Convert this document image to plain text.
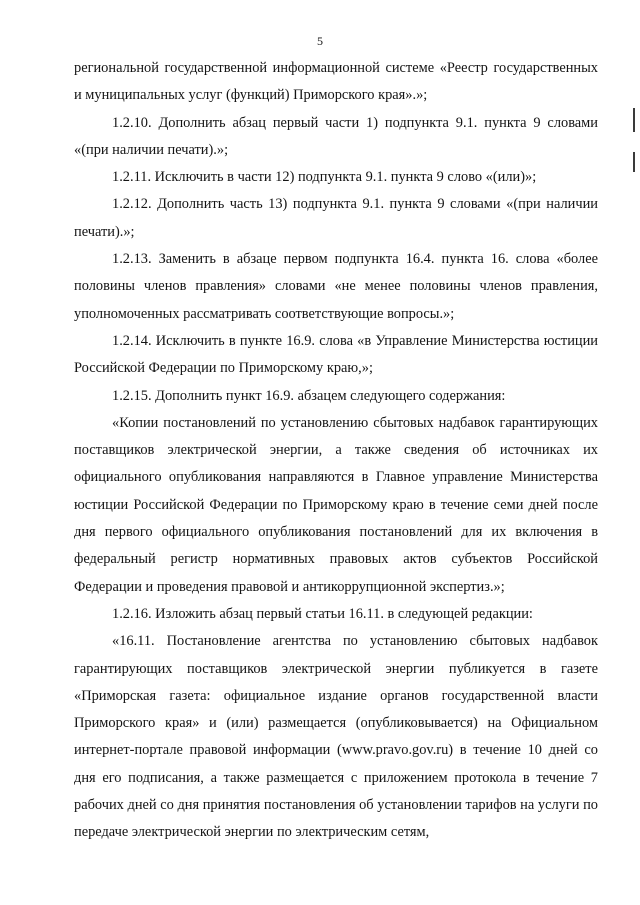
5

региональной государственной информационной системе «Реестр государственных и муниципальных услуг (функций) Приморского края».»;

1.2.10. Дополнить абзац первый части 1) подпункта 9.1. пункта 9 словами «(при наличии печати).»;

1.2.11. Исключить в части 12) подпункта 9.1. пункта 9 слово «(или)»;

1.2.12. Дополнить часть 13) подпункта 9.1. пункта 9 словами «(при наличии печати).»;

1.2.13. Заменить в абзаце первом подпункта 16.4. пункта 16. слова «более половины членов правления» словами «не менее половины членов правления, уполномоченных рассматривать соответствующие вопросы.»;

1.2.14. Исключить в пункте 16.9. слова «в Управление Министерства юстиции Российской Федерации по Приморскому краю,»;

1.2.15. Дополнить пункт 16.9. абзацем следующего содержания:

«Копии постановлений по установлению сбытовых надбавок гарантирующих поставщиков электрической энергии, а также сведения об источниках их официального опубликования направляются в Главное управление Министерства юстиции Российской Федерации по Приморскому краю в течение семи дней после дня первого официального опубликования постановлений для их включения в федеральный регистр нормативных правовых актов субъектов Российской Федерации и проведения правовой и антикоррупционной экспертиз.»;

1.2.16. Изложить абзац первый статьи 16.11. в следующей редакции:

«16.11. Постановление агентства по установлению сбытовых надбавок гарантирующих поставщиков электрической энергии публикуется в газете «Приморская газета: официальное издание органов государственной власти Приморского края» и (или) размещается (опубликовывается) на Официальном интернет-портале правовой информации (www.pravo.gov.ru) в течение 10 дней со дня его подписания, а также размещается с приложением протокола в течение 7 рабочих дней со дня принятия постановления об установлении тарифов на услуги по передаче электрической энергии по электрическим сетям,
